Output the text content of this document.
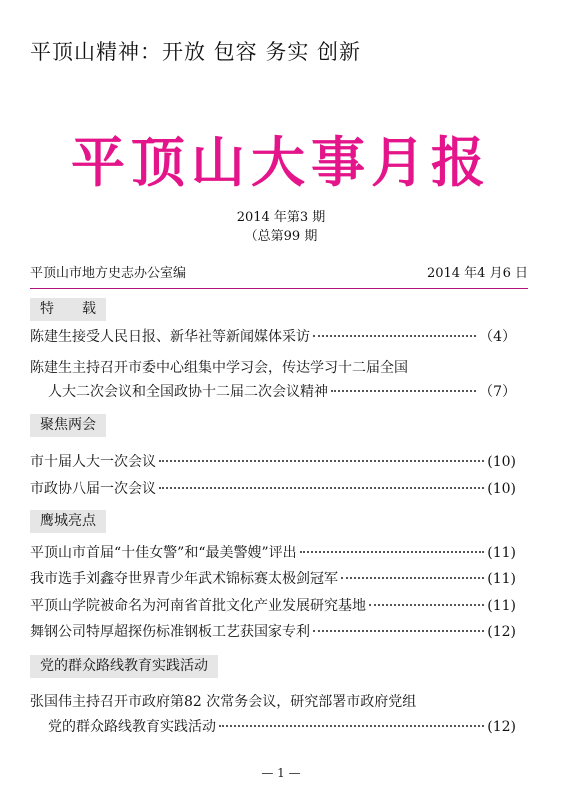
平顶山精神：开放 包容 务实 创新
平顶山大事月报
2014 年第3 期
（总第99 期
平顶山市地方史志办公室编	2014 年4 月6 日
特　　载
陈建生接受人民日报、新华社等新闻媒体采访	（4）
陈建生主持召开市委中心组集中学习会，传达学习十二届全国
人大二次会议和全国政协十二届二次会议精神	（7）
聚焦两会
市十届人大一次会议	(10)
市政协八届一次会议	(10)
鹰城亮点
平顶山市首届“十佳女警”和“最美警嫂”评出	(11)
我市选手刘鑫夺世界青少年武术锦标赛太极剑冠军	(11)
平顶山学院被命名为河南省首批文化产业发展研究基地	(11)
舞钢公司特厚超探伤标准钢板工艺获国家专利	(12)
党的群众路线教育实践活动
张国伟主持召开市政府第82 次常务会议，研究部署市政府党组
党的群众路线教育实践活动	(12)
— 1 —
